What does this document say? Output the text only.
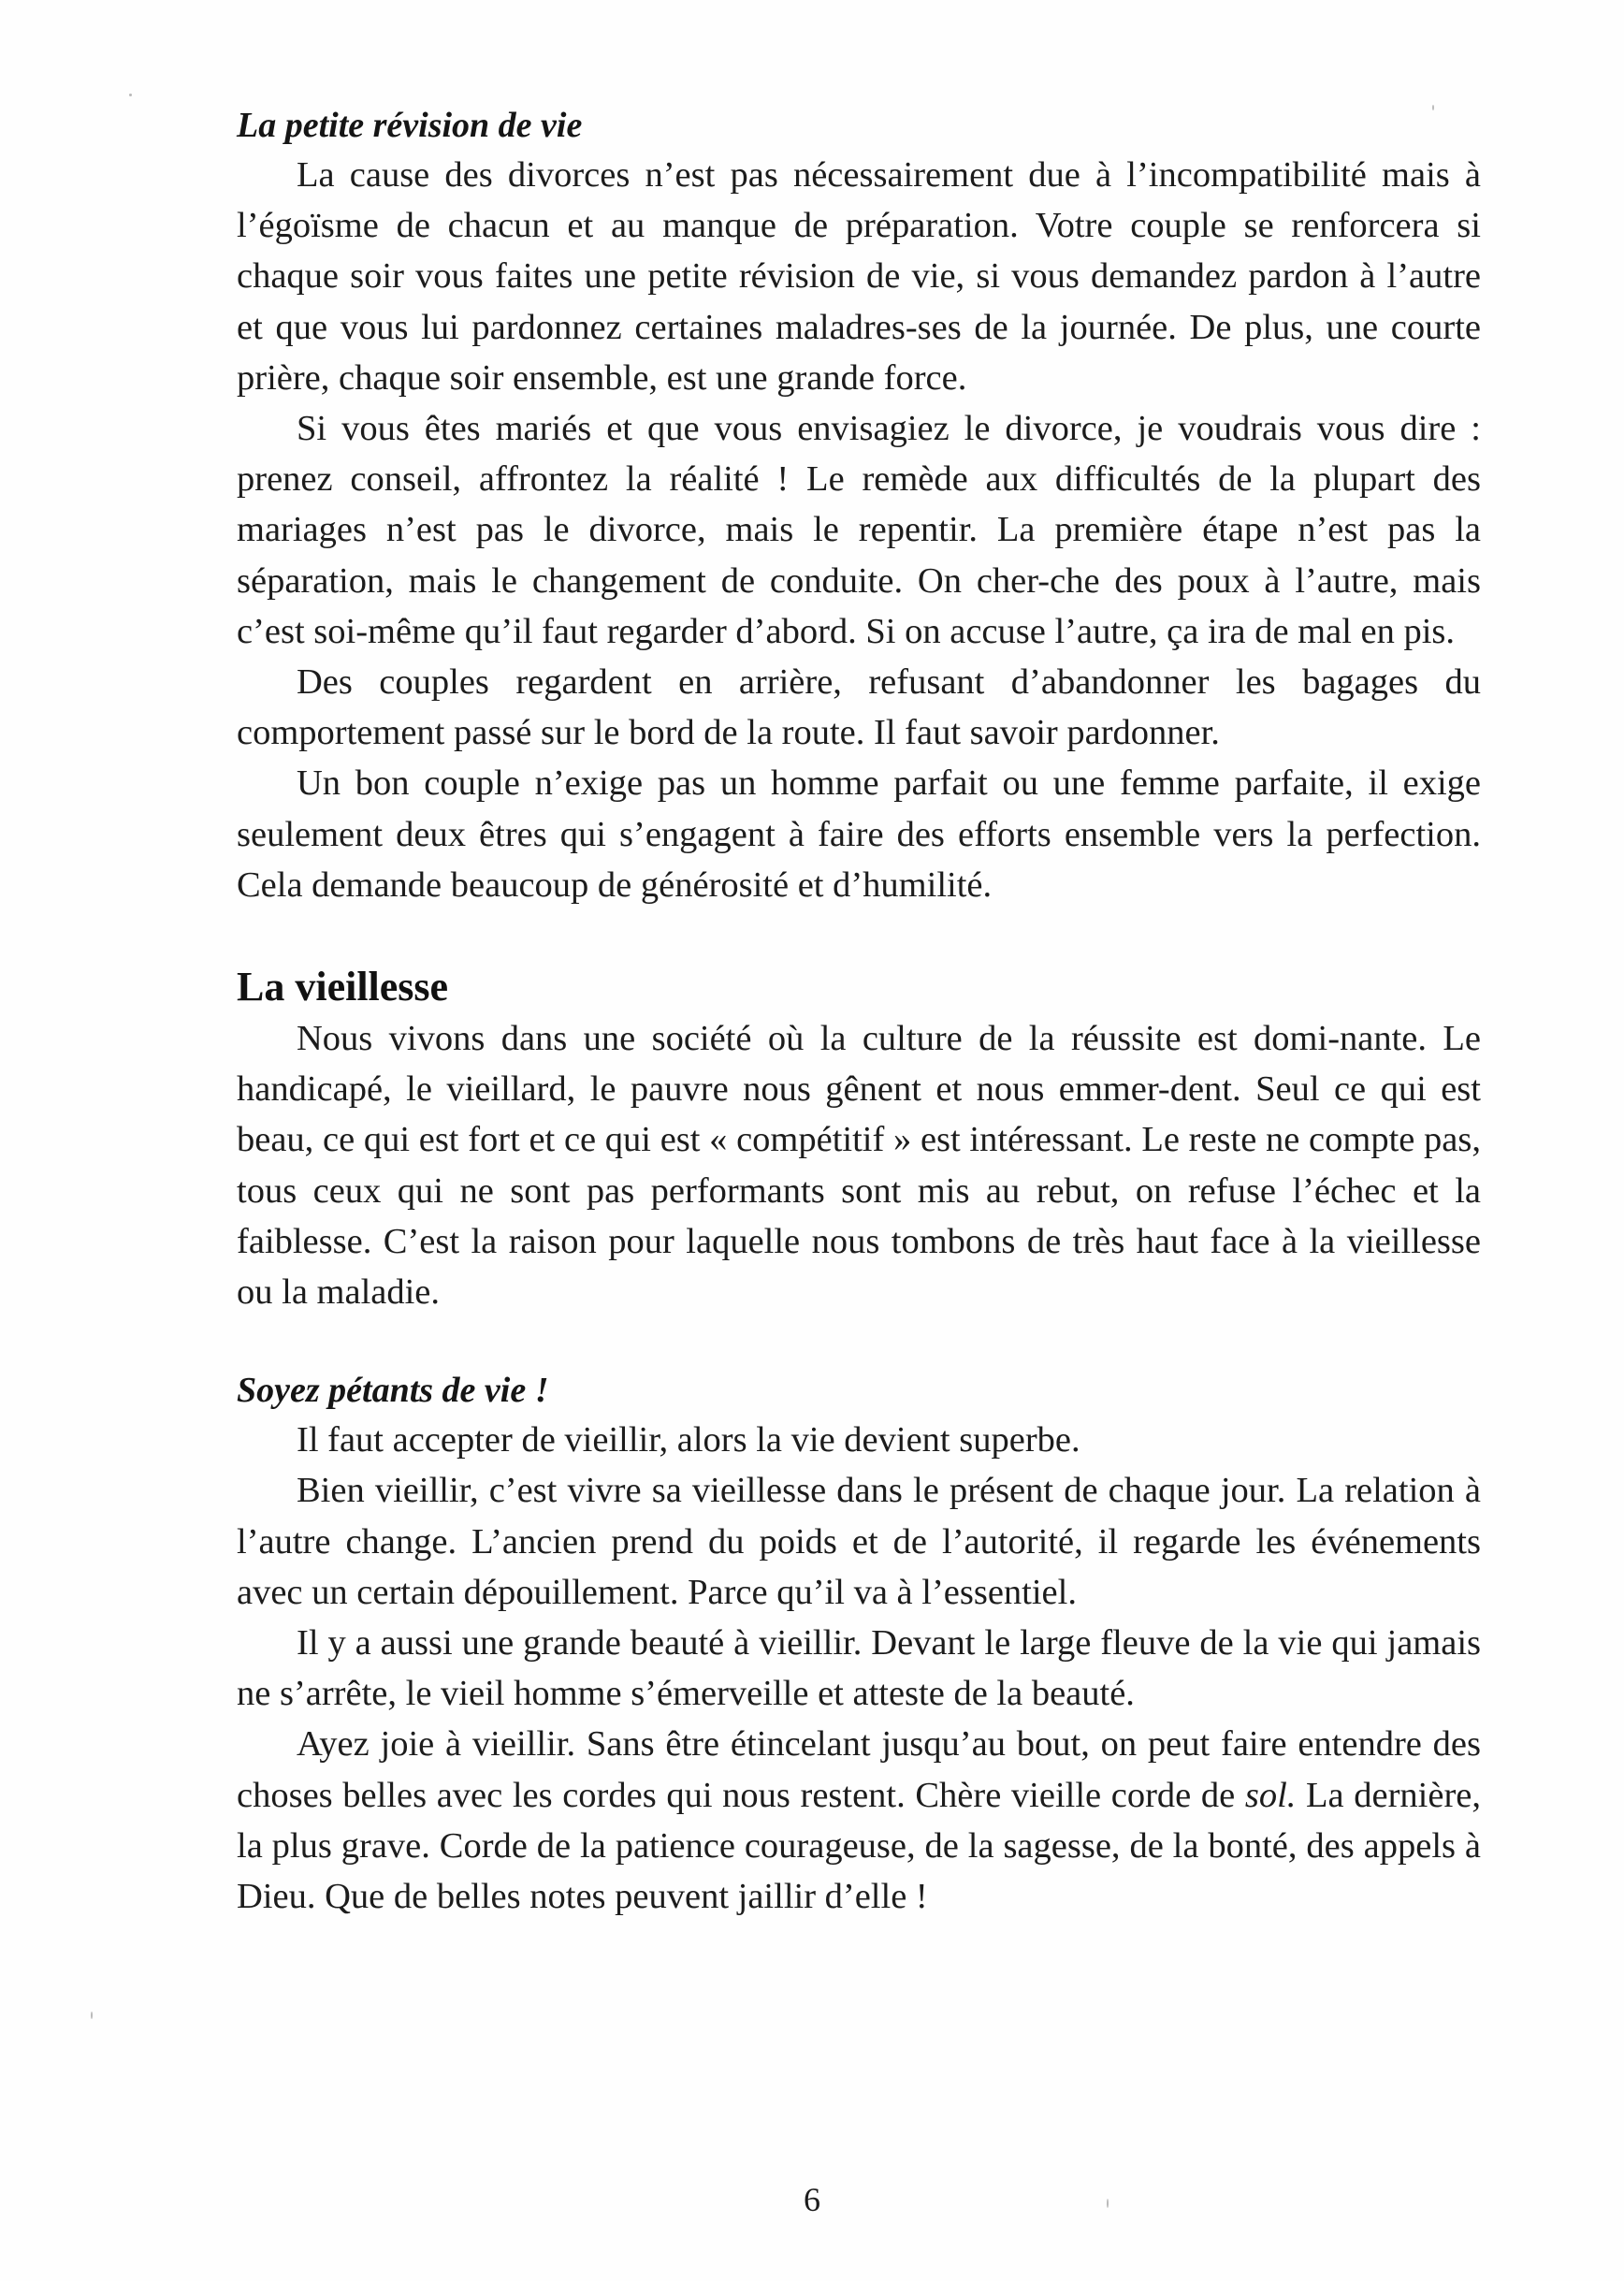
La petite révision de vie

La cause des divorces n’est pas nécessairement due à l’incompatibilité mais à l’égoïsme de chacun et au manque de préparation. Votre couple se renforcera si chaque soir vous faites une petite révision de vie, si vous demandez pardon à l’autre et que vous lui pardonnez certaines maladres-ses de la journée. De plus, une courte prière, chaque soir ensemble, est une grande force.

Si vous êtes mariés et que vous envisagiez le divorce, je voudrais vous dire : prenez conseil, affrontez la réalité ! Le remède aux difficultés de la plupart des mariages n’est pas le divorce, mais le repentir. La première étape n’est pas la séparation, mais le changement de conduite. On cher-che des poux à l’autre, mais c’est soi-même qu’il faut regarder d’abord. Si on accuse l’autre, ça ira de mal en pis.

Des couples regardent en arrière, refusant d’abandonner les bagages du comportement passé sur le bord de la route. Il faut savoir pardonner.

Un bon couple n’exige pas un homme parfait ou une femme parfaite, il exige seulement deux êtres qui s’engagent à faire des efforts ensemble vers la perfection. Cela demande beaucoup de générosité et d’humilité.

La vieillesse

Nous vivons dans une société où la culture de la réussite est domi-nante. Le handicapé, le vieillard, le pauvre nous gênent et nous emmer-dent. Seul ce qui est beau, ce qui est fort et ce qui est « compétitif » est intéressant. Le reste ne compte pas, tous ceux qui ne sont pas performants sont mis au rebut, on refuse l’échec et la faiblesse. C’est la raison pour laquelle nous tombons de très haut face à la vieillesse ou la maladie.

Soyez pétants de vie !

Il faut accepter de vieillir, alors la vie devient superbe.

Bien vieillir, c’est vivre sa vieillesse dans le présent de chaque jour. La relation à l’autre change. L’ancien prend du poids et de l’autorité, il regarde les événements avec un certain dépouillement. Parce qu’il va à l’essentiel.

Il y a aussi une grande beauté à vieillir. Devant le large fleuve de la vie qui jamais ne s’arrête, le vieil homme s’émerveille et atteste de la beauté.

Ayez joie à vieillir. Sans être étincelant jusqu’au bout, on peut faire entendre des choses belles avec les cordes qui nous restent. Chère vieille corde de sol. La dernière, la plus grave. Corde de la patience courageuse, de la sagesse, de la bonté, des appels à Dieu. Que de belles notes peuvent jaillir d’elle !

6
